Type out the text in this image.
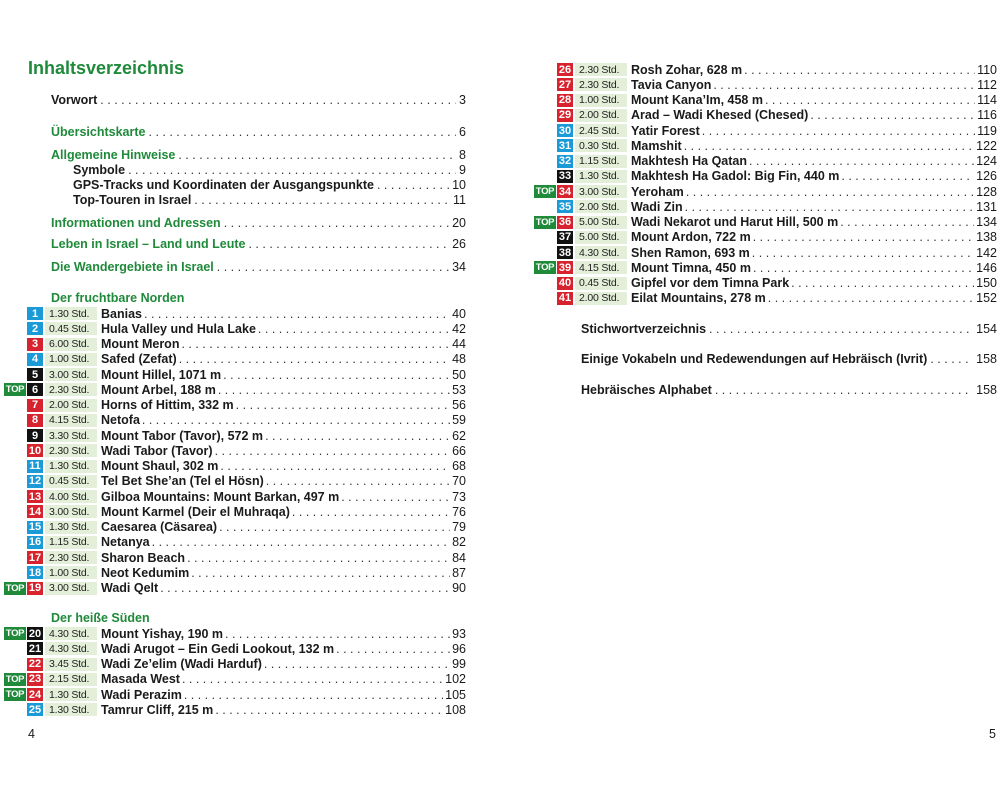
Inhaltsverzeichnis
Vorwort . . .	3
Übersichtskarte . . .	6
Allgemeine Hinweise . . .	8
Symbole . . .	9
GPS-Tracks und Koordinaten der Ausgangspunkte . . .	10
Top-Touren in Israel . . .	11
Informationen und Adressen . . .	20
Leben in Israel – Land und Leute . . .	26
Die Wandergebiete in Israel . . .	34
Der fruchtbare Norden
1	1.30 Std. Banias . . .	40
2	0.45 Std. Hula Valley und Hula Lake . . .	42
3	6.00 Std. Mount Meron . . .	44
4	1.00 Std. Safed (Zefat) . . .	48
5	3.00 Std. Mount Hillel, 1071 m . . .	50
TOP 6	2.30 Std. Mount Arbel, 188 m . . .	53
7	2.00 Std. Horns of Hittim, 332 m . . .	56
8	4.15 Std. Netofa . . .	59
9	3.30 Std. Mount Tabor (Tavor), 572 m . . .	62
10 2.30 Std. Wadi Tabor (Tavor) . . .	66
11 1.30 Std. Mount Shaul, 302 m . . .	68
12 0.45 Std. Tel Bet She’an (Tel el Hösn) . . .	70
13 4.00 Std. Gilboa Mountains: Mount Barkan, 497 m . . .	73
14 3.00 Std. Mount Karmel (Deir el Muhraqa) . . .	76
15 1.30 Std. Caesarea (Cäsarea) . . .	79
16 1.15 Std. Netanya . . .	82
17 2.30 Std. Sharon Beach . . .	84
18 1.00 Std. Neot Kedumim . . .	87
TOP 19 3.00 Std. Wadi Qelt . . .	90
Der heiße Süden
TOP 20 4.30 Std. Mount Yishay, 190 m . . .	93
21 4.30 Std. Wadi Arugot – Ein Gedi Lookout, 132 m . . .	96
22 3.45 Std. Wadi Ze’elim (Wadi Harduf) . . .	99
TOP 23 2.15 Std. Masada West . . .	102
TOP 24 1.30 Std. Wadi Perazim . . .	105
25 1.30 Std. Tamrur Cliff, 215 m . . .	108
4
26 2.30 Std. Rosh Zohar, 628 m . . .	110
27 2.30 Std. Tavia Canyon . . .	112
28 1.00 Std. Mount Kana’Im, 458 m . . .	114
29 2.00 Std. Arad – Wadi Khesed (Chesed) . . .	116
30 2.45 Std. Yatir Forest . . .	119
31 0.30 Std. Mamshit . . .	122
32 1.15 Std. Makhtesh Ha Qatan . . .	124
33 1.30 Std. Makhtesh Ha Gadol: Big Fin, 440 m . . .	126
TOP 34 3.00 Std. Yeroham . . .	128
35 2.00 Std. Wadi Zin . . .	131
TOP 36 5.00 Std. Wadi Nekarot und Harut Hill, 500 m . . .	134
37 5.00 Std. Mount Ardon, 722 m . . .	138
38 4.30 Std. Shen Ramon, 693 m . . .	142
TOP 39 4.15 Std. Mount Timna, 450 m . . .	146
40 0.45 Std. Gipfel vor dem Timna Park . . .	150
41 2.00 Std. Eilat Mountains, 278 m . . .	152
Stichwortverzeichnis . . .	154
Einige Vokabeln und Redewendungen auf Hebräisch (Ivrit) . . .	158
Hebräisches Alphabet . . .	158
5
